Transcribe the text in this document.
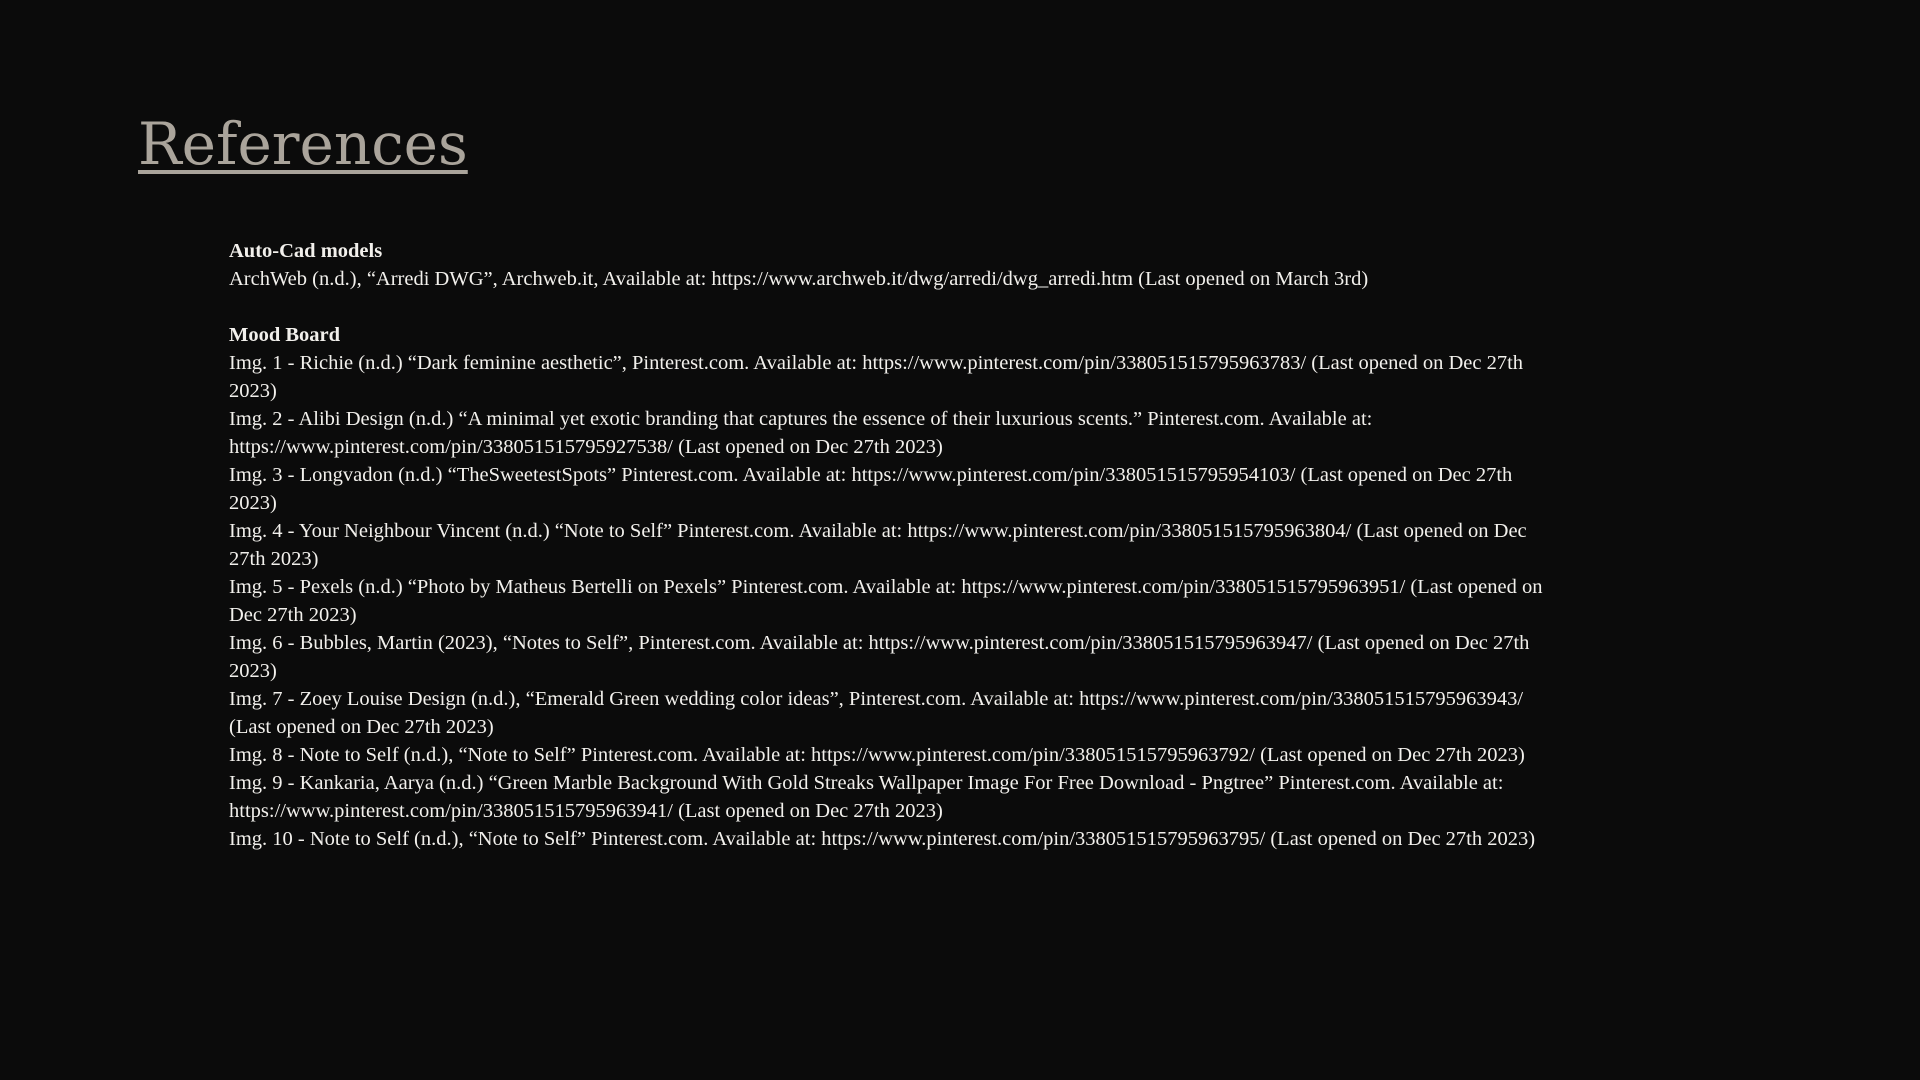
References
Auto-Cad models
ArchWeb (n.d.), “Arredi DWG”, Archweb.it, Available at: https://www.archweb.it/dwg/arredi/dwg_arredi.htm (Last opened on March 3rd)
Mood Board
Img. 1 - Richie (n.d.) “Dark feminine aesthetic”, Pinterest.com. Available at: https://www.pinterest.com/pin/338051515795963783/ (Last opened on Dec 27th 2023)
Img. 2 - Alibi Design (n.d.) “A minimal yet exotic branding that captures the essence of their luxurious scents.” Pinterest.com. Available at: https://www.pinterest.com/pin/338051515795927538/ (Last opened on Dec 27th 2023)
Img. 3 - Longvadon (n.d.) “TheSweetestSpots” Pinterest.com. Available at: https://www.pinterest.com/pin/338051515795954103/ (Last opened on Dec 27th 2023)
Img. 4 - Your Neighbour Vincent (n.d.) “Note to Self” Pinterest.com. Available at: https://www.pinterest.com/pin/338051515795963804/ (Last opened on Dec 27th 2023)
Img. 5 - Pexels (n.d.) “Photo by Matheus Bertelli on Pexels” Pinterest.com. Available at: https://www.pinterest.com/pin/338051515795963951/ (Last opened on Dec 27th 2023)
Img. 6 - Bubbles, Martin (2023), “Notes to Self”, Pinterest.com. Available at: https://www.pinterest.com/pin/338051515795963947/ (Last opened on Dec 27th 2023)
Img. 7 - Zoey Louise Design (n.d.), “Emerald Green wedding color ideas”, Pinterest.com. Available at: https://www.pinterest.com/pin/338051515795963943/ (Last opened on Dec 27th 2023)
Img. 8 - Note to Self (n.d.), “Note to Self” Pinterest.com. Available at: https://www.pinterest.com/pin/338051515795963792/ (Last opened on Dec 27th 2023)
Img. 9 - Kankaria, Aarya (n.d.) “Green Marble Background With Gold Streaks Wallpaper Image For Free Download - Pngtree” Pinterest.com. Available at: https://www.pinterest.com/pin/338051515795963941/ (Last opened on Dec 27th 2023)
Img. 10 - Note to Self (n.d.), “Note to Self” Pinterest.com. Available at: https://www.pinterest.com/pin/338051515795963795/ (Last opened on Dec 27th 2023)
